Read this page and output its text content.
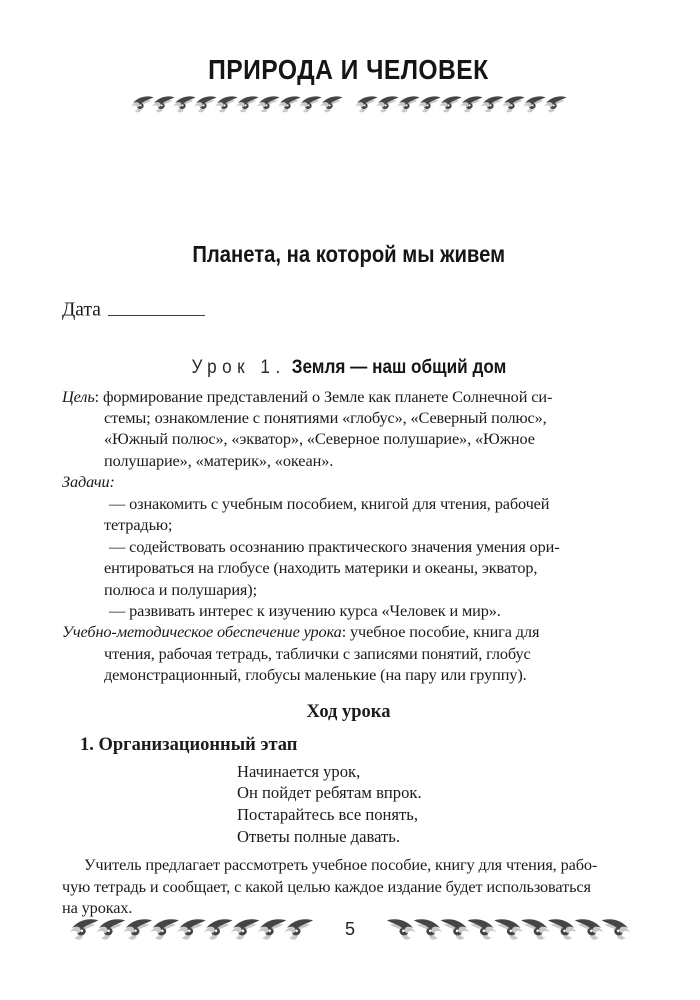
ПРИРОДА И ЧЕЛОВЕК
Планета, на которой мы живем
Дата
Урок 1. Земля — наш общий дом
Цель: формирование представлений о Земле как планете Солнечной си-
стемы; ознакомление с понятиями «глобус», «Северный полюс»,
«Южный полюс», «экватор», «Северное полушарие», «Южное
полушарие», «материк», «океан».
Задачи:
— ознакомить с учебным пособием, книгой для чтения, рабочей
тетрадью;
— содействовать осознанию практического значения умения ори-
ентироваться на глобусе (находить материки и океаны, экватор,
полюса и полушария);
— развивать интерес к изучению курса «Человек и мир».
Учебно-методическое обеспечение урока: учебное пособие, книга для
чтения, рабочая тетрадь, таблички с записями понятий, глобус
демонстрационный, глобусы маленькие (на пару или группу).
Ход урока
1. Организационный этап
Начинается урок,
Он пойдет ребятам впрок.
Постарайтесь все понять,
Ответы полные давать.
Учитель предлагает рассмотреть учебное пособие, книгу для чтения, рабо-
чую тетрадь и сообщает, с какой целью каждое издание будет использоваться
на уроках.
5
